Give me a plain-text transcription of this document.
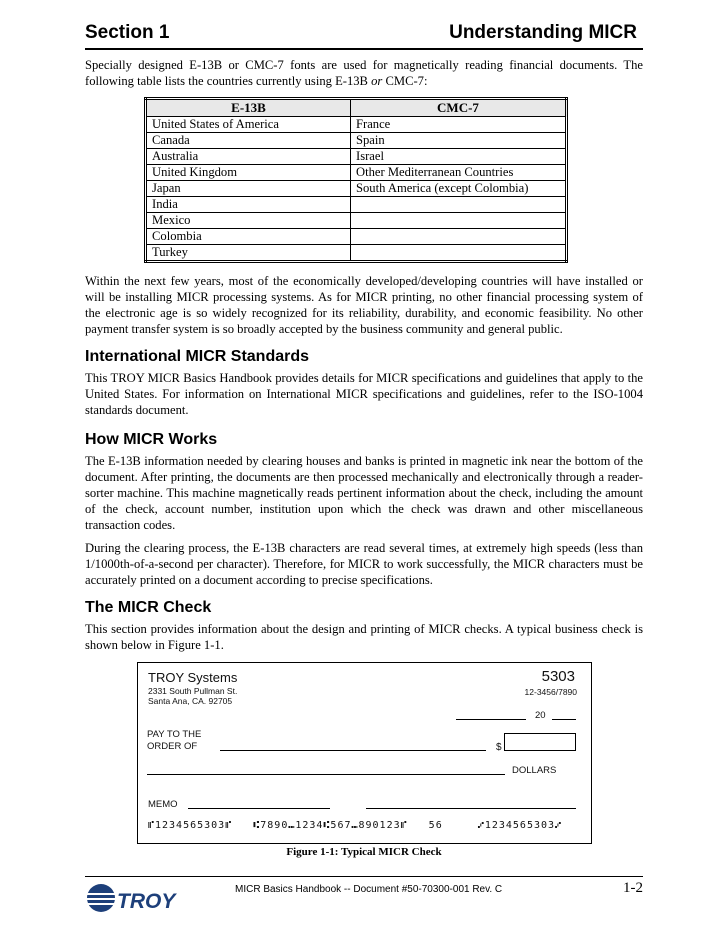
Section 1	Understanding MICR

Specially designed E-13B or CMC-7 fonts are used for magnetically reading financial documents. The following table lists the countries currently using E-13B or CMC-7:

E-13B	CMC-7
United States of America	France
Canada	Spain
Australia	Israel
United Kingdom	Other Mediterranean Countries
Japan	South America (except Colombia)
India	
Mexico	
Colombia	
Turkey	

Within the next few years, most of the economically developed/developing countries will have installed or will be installing MICR processing systems. As for MICR printing, no other financial processing system of the electronic age is so widely recognized for its reliability, durability, and economic feasibility. No other payment transfer system is so broadly accepted by the business community and general public.

International MICR Standards

This TROY MICR Basics Handbook provides details for MICR specifications and guidelines that apply to the United States. For information on International MICR specifications and guidelines, refer to the ISO-1004 standards document.

How MICR Works

The E-13B information needed by clearing houses and banks is printed in magnetic ink near the bottom of the document. After printing, the documents are then processed mechanically and electronically through a reader-sorter machine. This machine magnetically reads pertinent information about the check, including the amount of the check, account number, institution upon which the check was drawn and other miscellaneous transaction codes.

During the clearing process, the E-13B characters are read several times, at extremely high speeds (less than 1/1000th-of-a-second per character). Therefore, for MICR to work successfully, the MICR characters must be accurately printed on a document according to precise specifications.

The MICR Check

This section provides information about the design and printing of MICR checks. A typical business check is shown below in Figure 1-1.

TROY Systems
2331 South Pullman St.
Santa Ana, CA. 92705
5303
12-3456/7890
20
PAY TO THE
ORDER OF	$
DOLLARS
MEMO
⑈1234565303⑈   ⑆7890⑉1234⑆567⑉890123⑈   56     ⑇1234565303⑇
Figure 1-1: Typical MICR Check
TROY
MICR Basics Handbook -- Document #50-70300-001 Rev. C	1-2
